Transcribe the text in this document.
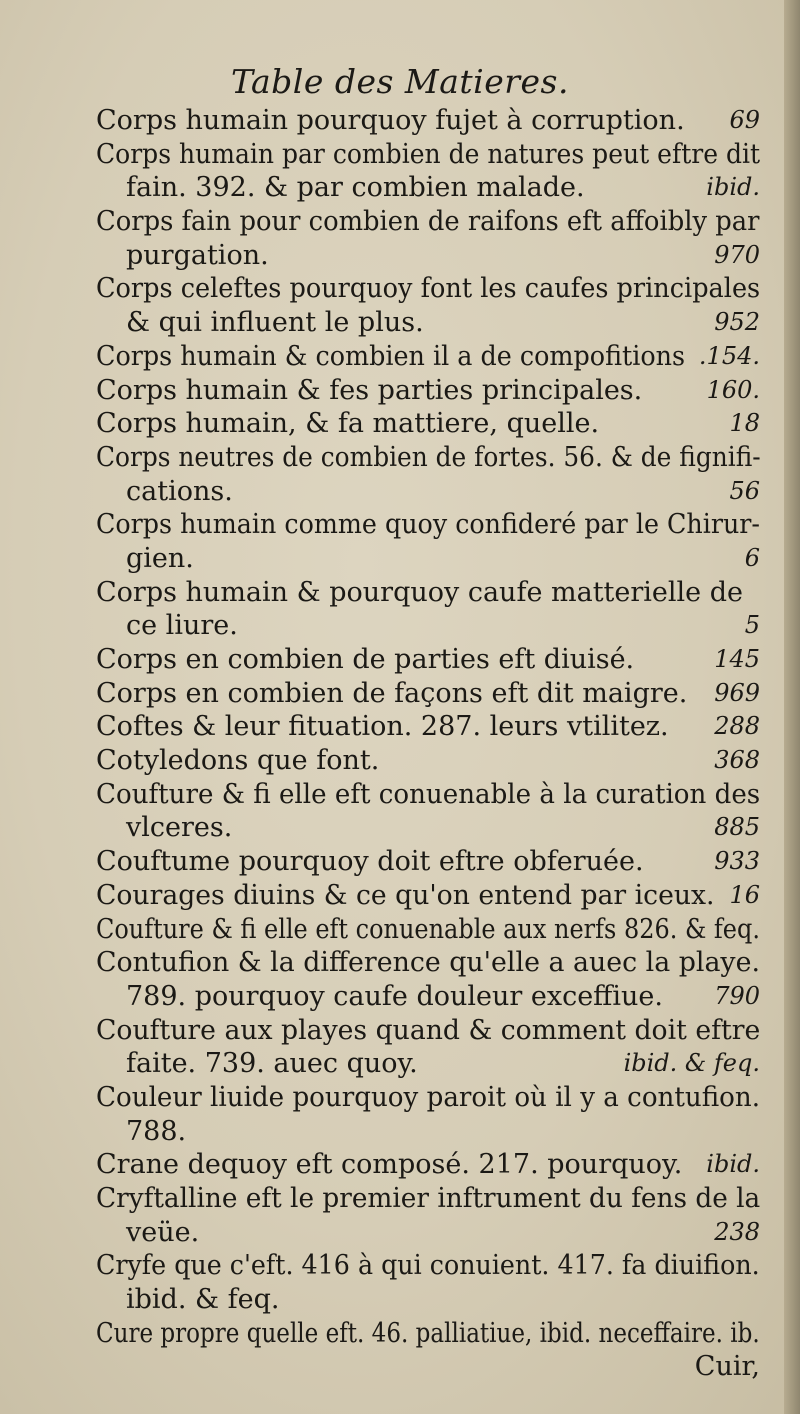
Table des Matieres.
Corps humain pourquoy fujet à corruption. 69
Corps humain par combien de natures peut eftre dit
fain. 392. & par combien malade.	ibid.
Corps fain pour combien de raifons eft affoibly par
purgation.	970
Corps celeftes pourquoy font les caufes principales
& qui influent le plus.	952
Corps humain & combien il a de compofitions .154.
Corps humain & fes parties principales.	160.
Corps humain, & fa mattiere, quelle.	18
Corps neutres de combien de fortes. 56. & de fignifi-
cations.	56
Corps humain comme quoy confideré par le Chirur-
gien.	6
Corps humain & pourquoy caufe matterielle de
ce liure.	5
Corps en combien de parties eft diuisé.	145
Corps en combien de façons eft dit maigre. 969
Coftes & leur fituation. 287. leurs vtilitez. 288
Cotyledons que font.	368
Coufture & fi elle eft conuenable à la curation des
vlceres.	885
Couftume pourquoy doit eftre obferuée.	933
Courages diuins & ce qu'on entend par iceux. 16
Coufture & fi elle eft conuenable aux nerfs 826. & feq.
Contufion & la difference qu'elle a auec la playe.
789. pourquoy caufe douleur exceffiue. 790
Coufture aux playes quand & comment doit eftre
faite. 739. auec quoy.	ibid. & feq.
Couleur liuide pourquoy paroit où il y a contufion.
788.
Crane dequoy eft composé. 217. pourquoy. ibid.
Cryftalline eft le premier inftrument du fens de la
veüe.	238
Cryfe que c'eft. 416 à qui conuient. 417. fa diuifion.
ibid. & feq.
Cure propre quelle eft. 46. palliatiue, ibid. neceffaire. ib.
Cuir,
